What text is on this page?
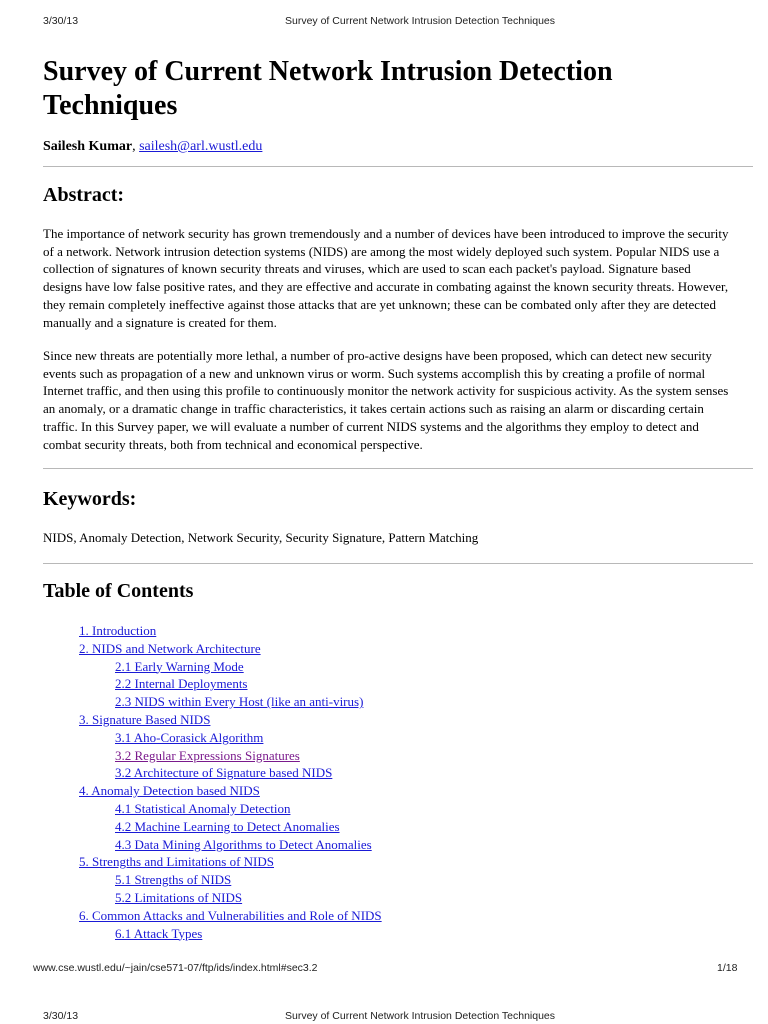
3/30/13	Survey of Current Network Intrusion Detection Techniques
Survey of Current Network Intrusion Detection Techniques
Sailesh Kumar, sailesh@arl.wustl.edu
Abstract:

The importance of network security has grown tremendously and a number of devices have been introduced to improve the security of a network. Network intrusion detection systems (NIDS) are among the most widely deployed such system. Popular NIDS use a collection of signatures of known security threats and viruses, which are used to scan each packet's payload. Signature based designs have low false positive rates, and they are effective and accurate in combating against the known security threats. However, they remain completely ineffective against those attacks that are yet unknown; these can be combated only after they are detected manually and a signature is created for them.

Since new threats are potentially more lethal, a number of pro-active designs have been proposed, which can detect new security events such as propagation of a new and unknown virus or worm. Such systems accomplish this by creating a profile of normal Internet traffic, and then using this profile to continuously monitor the network activity for suspicious activity. As the system senses an anomaly, or a dramatic change in traffic characteristics, it takes certain actions such as raising an alarm or discarding certain traffic. In this Survey paper, we will evaluate a number of current NIDS systems and the algorithms they employ to detect and combat security threats, both from technical and economical perspective.

Keywords:
NIDS, Anomaly Detection, Network Security, Security Signature, Pattern Matching
Table of Contents
1. Introduction
2. NIDS and Network Architecture
2.1 Early Warning Mode
2.2 Internal Deployments
2.3 NIDS within Every Host (like an anti-virus)
3. Signature Based NIDS
3.1 Aho-Corasick Algorithm
3.2 Regular Expressions Signatures
3.2 Architecture of Signature based NIDS
4. Anomaly Detection based NIDS
4.1 Statistical Anomaly Detection
4.2 Machine Learning to Detect Anomalies
4.3 Data Mining Algorithms to Detect Anomalies
5. Strengths and Limitations of NIDS
5.1 Strengths of NIDS
5.2 Limitations of NIDS
6. Common Attacks and Vulnerabilities and Role of NIDS
6.1 Attack Types
www.cse.wustl.edu/~jain/cse571-07/ftp/ids/index.html#sec3.2	1/18
3/30/13	Survey of Current Network Intrusion Detection Techniques
